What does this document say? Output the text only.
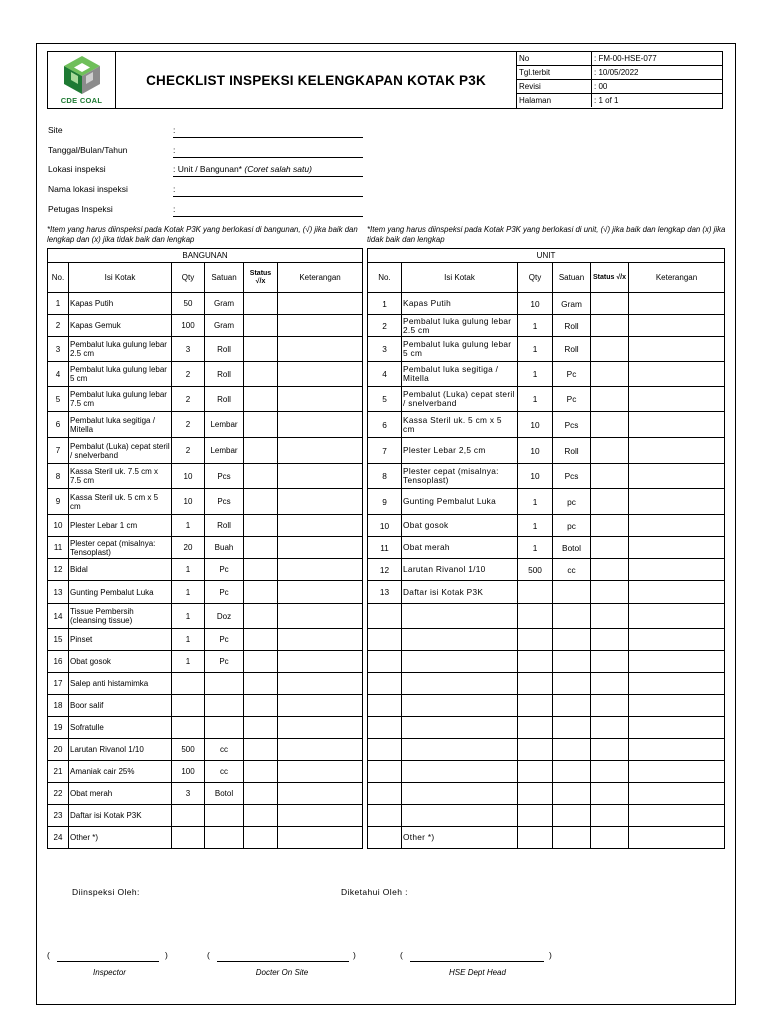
CDE COAL
CHECKLIST INSPEKSI KELENGKAPAN KOTAK P3K
No	: FM-00-HSE-077
Tgl.terbit	: 10/05/2022
Revisi	: 00
Halaman	: 1 of 1
Site	:
Tanggal/Bulan/Tahun	:
Lokasi inspeksi	: Unit / Bangunan* (Coret salah satu)
Nama lokasi inspeksi	:
Petugas Inspeksi	:
*Item yang harus diinspeksi pada Kotak P3K yang berlokasi di bangunan, (√) jika baik dan lengkap dan (x) jika tidak baik dan lengkap
*Item yang harus diinspeksi pada Kotak P3K yang berlokasi di unit, (√) jika baik dan lengkap dan (x) jika tidak baik dan lengkap
BANGUNAN					
No.	Isi Kotak	Qty	Satuan	Status √/x	Keterangan
1	Kapas Putih	50	Gram		
2	Kapas Gemuk	100	Gram		
3	Pembalut luka gulung lebar 2.5 cm	3	Roll		
4	Pembalut luka gulung lebar 5 cm	2	Roll		
5	Pembalut luka gulung lebar 7.5 cm	2	Roll		
6	Pembalut luka segitiga / Mitella	2	Lembar		
7	Pembalut (Luka) cepat steril / snelverband	2	Lembar		
8	Kassa Steril uk. 7.5 cm x 7.5 cm	10	Pcs		
9	Kassa Steril uk. 5 cm x 5 cm	10	Pcs		
10	Plester Lebar 1 cm	1	Roll		
11	Plester cepat (misalnya: Tensoplast)	20	Buah		
12	Bidal	1	Pc		
13	Gunting Pembalut Luka	1	Pc		
14	Tissue Pembersih (cleansing tissue)	1	Doz		
15	Pinset	1	Pc		
16	Obat gosok	1	Pc		
17	Salep anti histamimka				
18	Boor salif				
19	Sofratulle				
20	Larutan Rivanol 1/10	500	cc		
21	Amaniak cair 25%	100	cc		
22	Obat merah	3	Botol		
23	Daftar isi Kotak P3K				
24	Other *)				
UNIT					
No.	Isi Kotak	Qty	Satuan	Status √/x	Keterangan
1	Kapas Putih	10	Gram		
2	Pembalut luka gulung lebar 2.5 cm	1	Roll		
3	Pembalut luka gulung lebar 5 cm	1	Roll		
4	Pembalut luka segitiga / Mitella	1	Pc		
5	Pembalut (Luka) cepat steril / snelverband	1	Pc		
6	Kassa Steril uk. 5 cm x 5 cm	10	Pcs		
7	Plester Lebar 2,5 cm	10	Roll		
8	Plester cepat (misalnya: Tensoplast)	10	Pcs		
9	Gunting Pembalut Luka	1	pc		
10	Obat gosok	1	pc		
11	Obat merah	1	Botol		
12	Larutan Rivanol 1/10	500	cc		
13	Daftar isi Kotak P3K				

	Other *)				
Diinspeksi Oleh:	Diketahui Oleh :
(	)
Inspector
(	)
Docter On Site
(	)
HSE Dept Head
